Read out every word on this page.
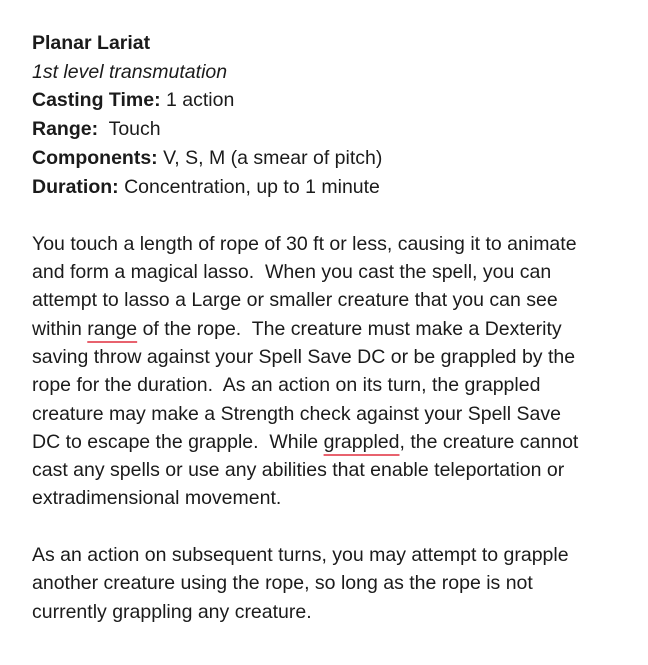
Planar Lariat
1st level transmutation
Casting Time: 1 action
Range:  Touch
Components: V, S, M (a smear of pitch)
Duration: Concentration, up to 1 minute
You touch a length of rope of 30 ft or less, causing it to animate
and form a magical lasso.  When you cast the spell, you can
attempt to lasso a Large or smaller creature that you can see
within range of the rope.  The creature must make a Dexterity
saving throw against your Spell Save DC or be grappled by the
rope for the duration.  As an action on its turn, the grappled
creature may make a Strength check against your Spell Save
DC to escape the grapple.  While grappled, the creature cannot
cast any spells or use any abilities that enable teleportation or
extradimensional movement.
As an action on subsequent turns, you may attempt to grapple
another creature using the rope, so long as the rope is not
currently grappling any creature.
